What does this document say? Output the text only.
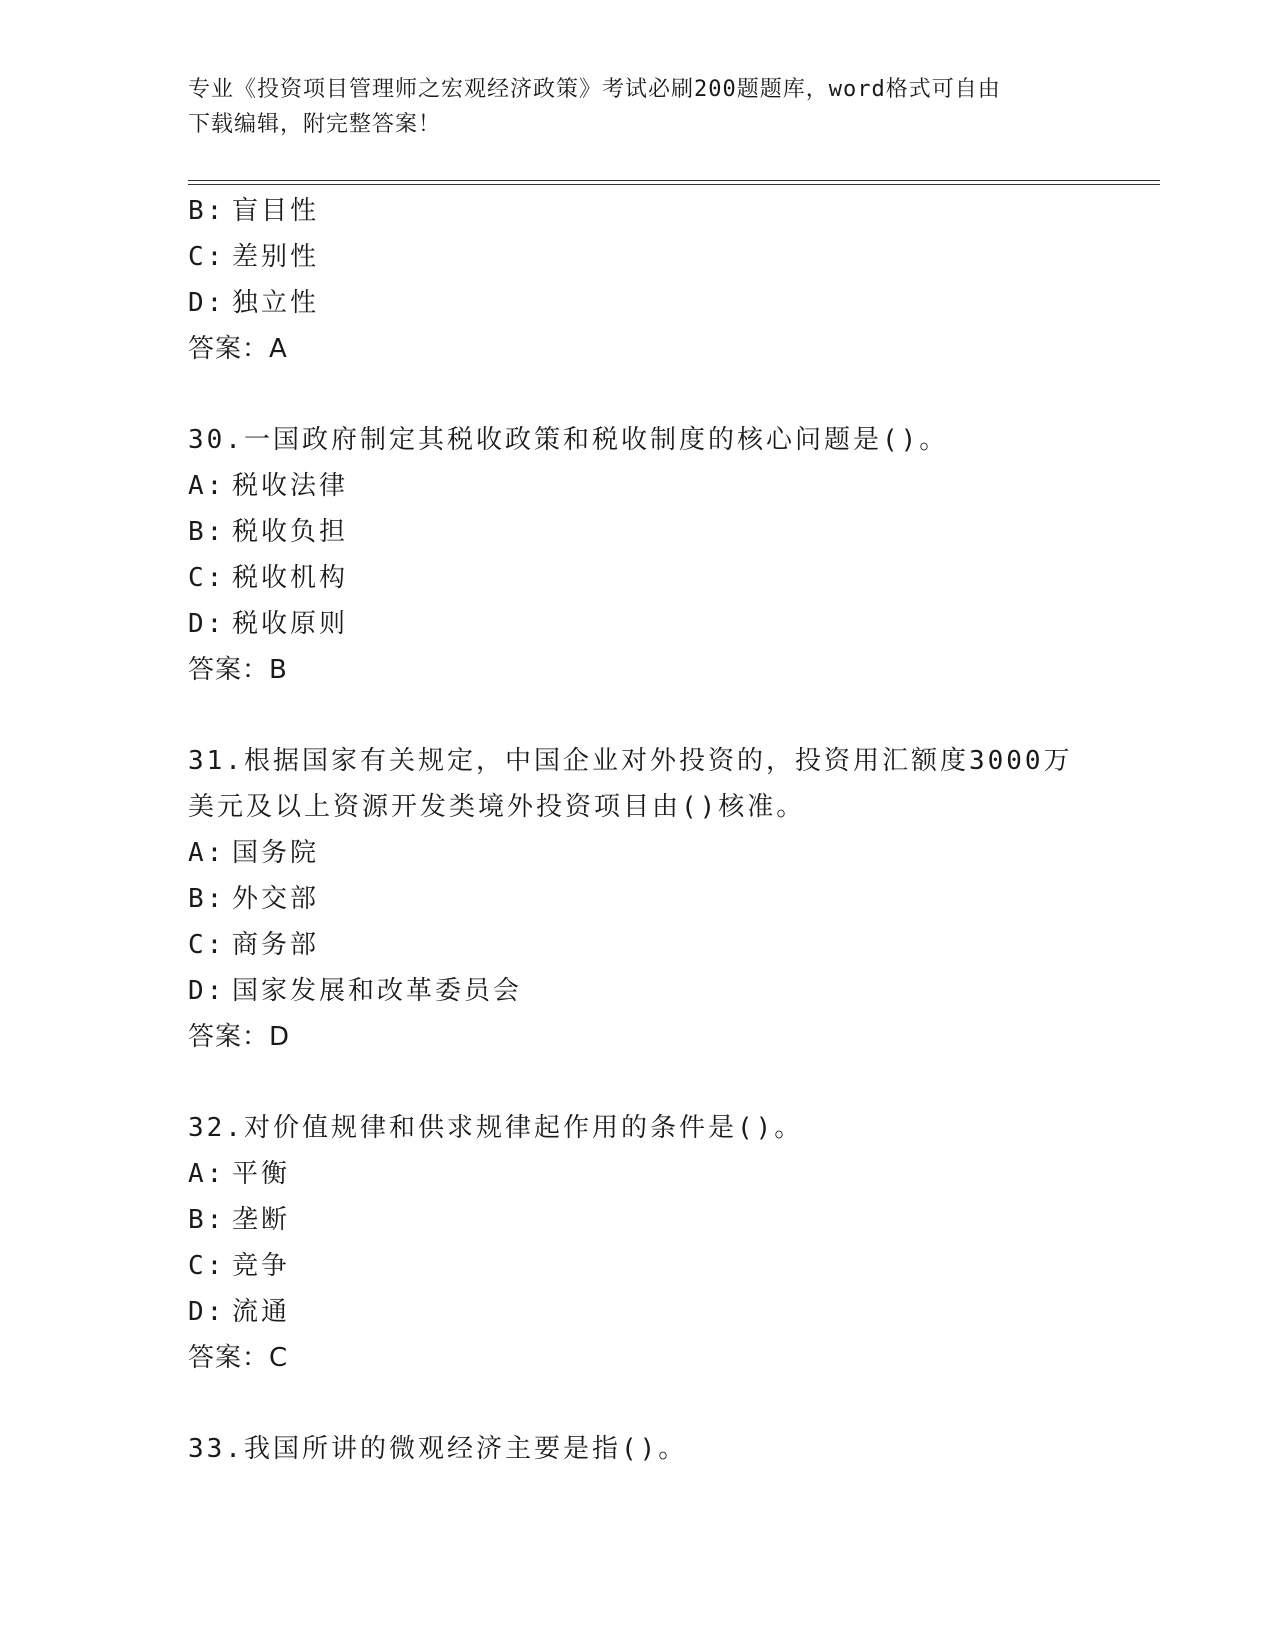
专业《投资项目管理师之宏观经济政策》考试必刷200题题库，word格式可自由
下载编辑，附完整答案！
B: 盲目性
C: 差别性
D: 独立性
答案：A
30.一国政府制定其税收政策和税收制度的核心问题是()。
A: 税收法律
B: 税收负担
C: 税收机构
D: 税收原则
答案：B
31.根据国家有关规定，中国企业对外投资的，投资用汇额度3000万
美元及以上资源开发类境外投资项目由()核准。
A: 国务院
B: 外交部
C: 商务部
D: 国家发展和改革委员会
答案：D
32.对价值规律和供求规律起作用的条件是()。
A: 平衡
B: 垄断
C: 竞争
D: 流通
答案：C
33.我国所讲的微观经济主要是指()。
